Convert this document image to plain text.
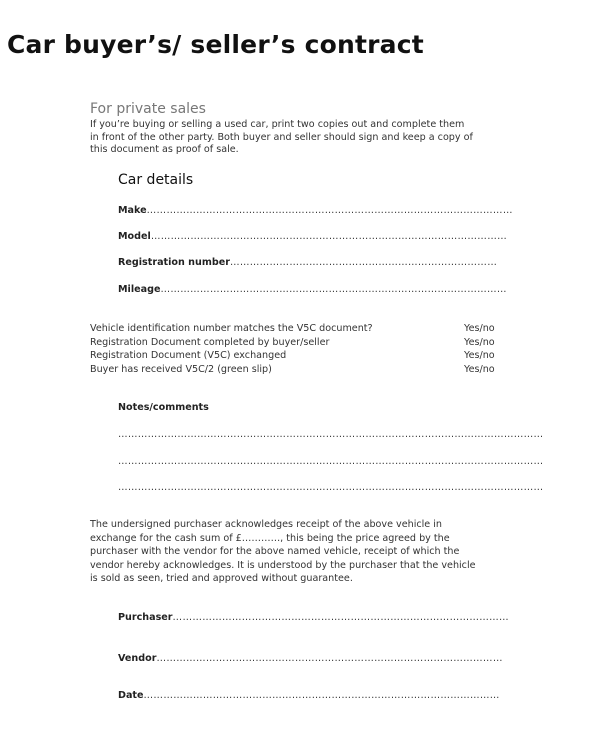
Car buyer’s/ seller’s contract
For private sales
If you’re buying or selling a used car, print two copies out and complete them
in front of the other party. Both buyer and seller should sign and keep a copy of
this document as proof of sale.
Car details
Make …………………………………………………………………………………………………
Model ………………………………………………………………………………………………
Registration number ………………………………………………………………………
Mileage ……………………………………………………………………………………………
Vehicle identification number matches the V5C document?	Yes/no
Registration Document completed by buyer/seller	Yes/no
Registration Document (V5C) exchanged	Yes/no
Buyer has received V5C/2 (green slip)	Yes/no
Notes/comments
…………………………………………………………………………………………………………………
…………………………………………………………………………………………………………………
…………………………………………………………………………………………………………………
The undersigned purchaser acknowledges receipt of the above vehicle in
exchange for the cash sum of £…………, this being the price agreed by the
purchaser with the vendor for the above named vehicle, receipt of which the
vendor hereby acknowledges. It is understood by the purchaser that the vehicle
is sold as seen, tried and approved without guarantee.
Purchaser …………………………………………………………………………………………
Vendor ……………………………………………………………………………………………
Date ………………………………………………………………………………………………
